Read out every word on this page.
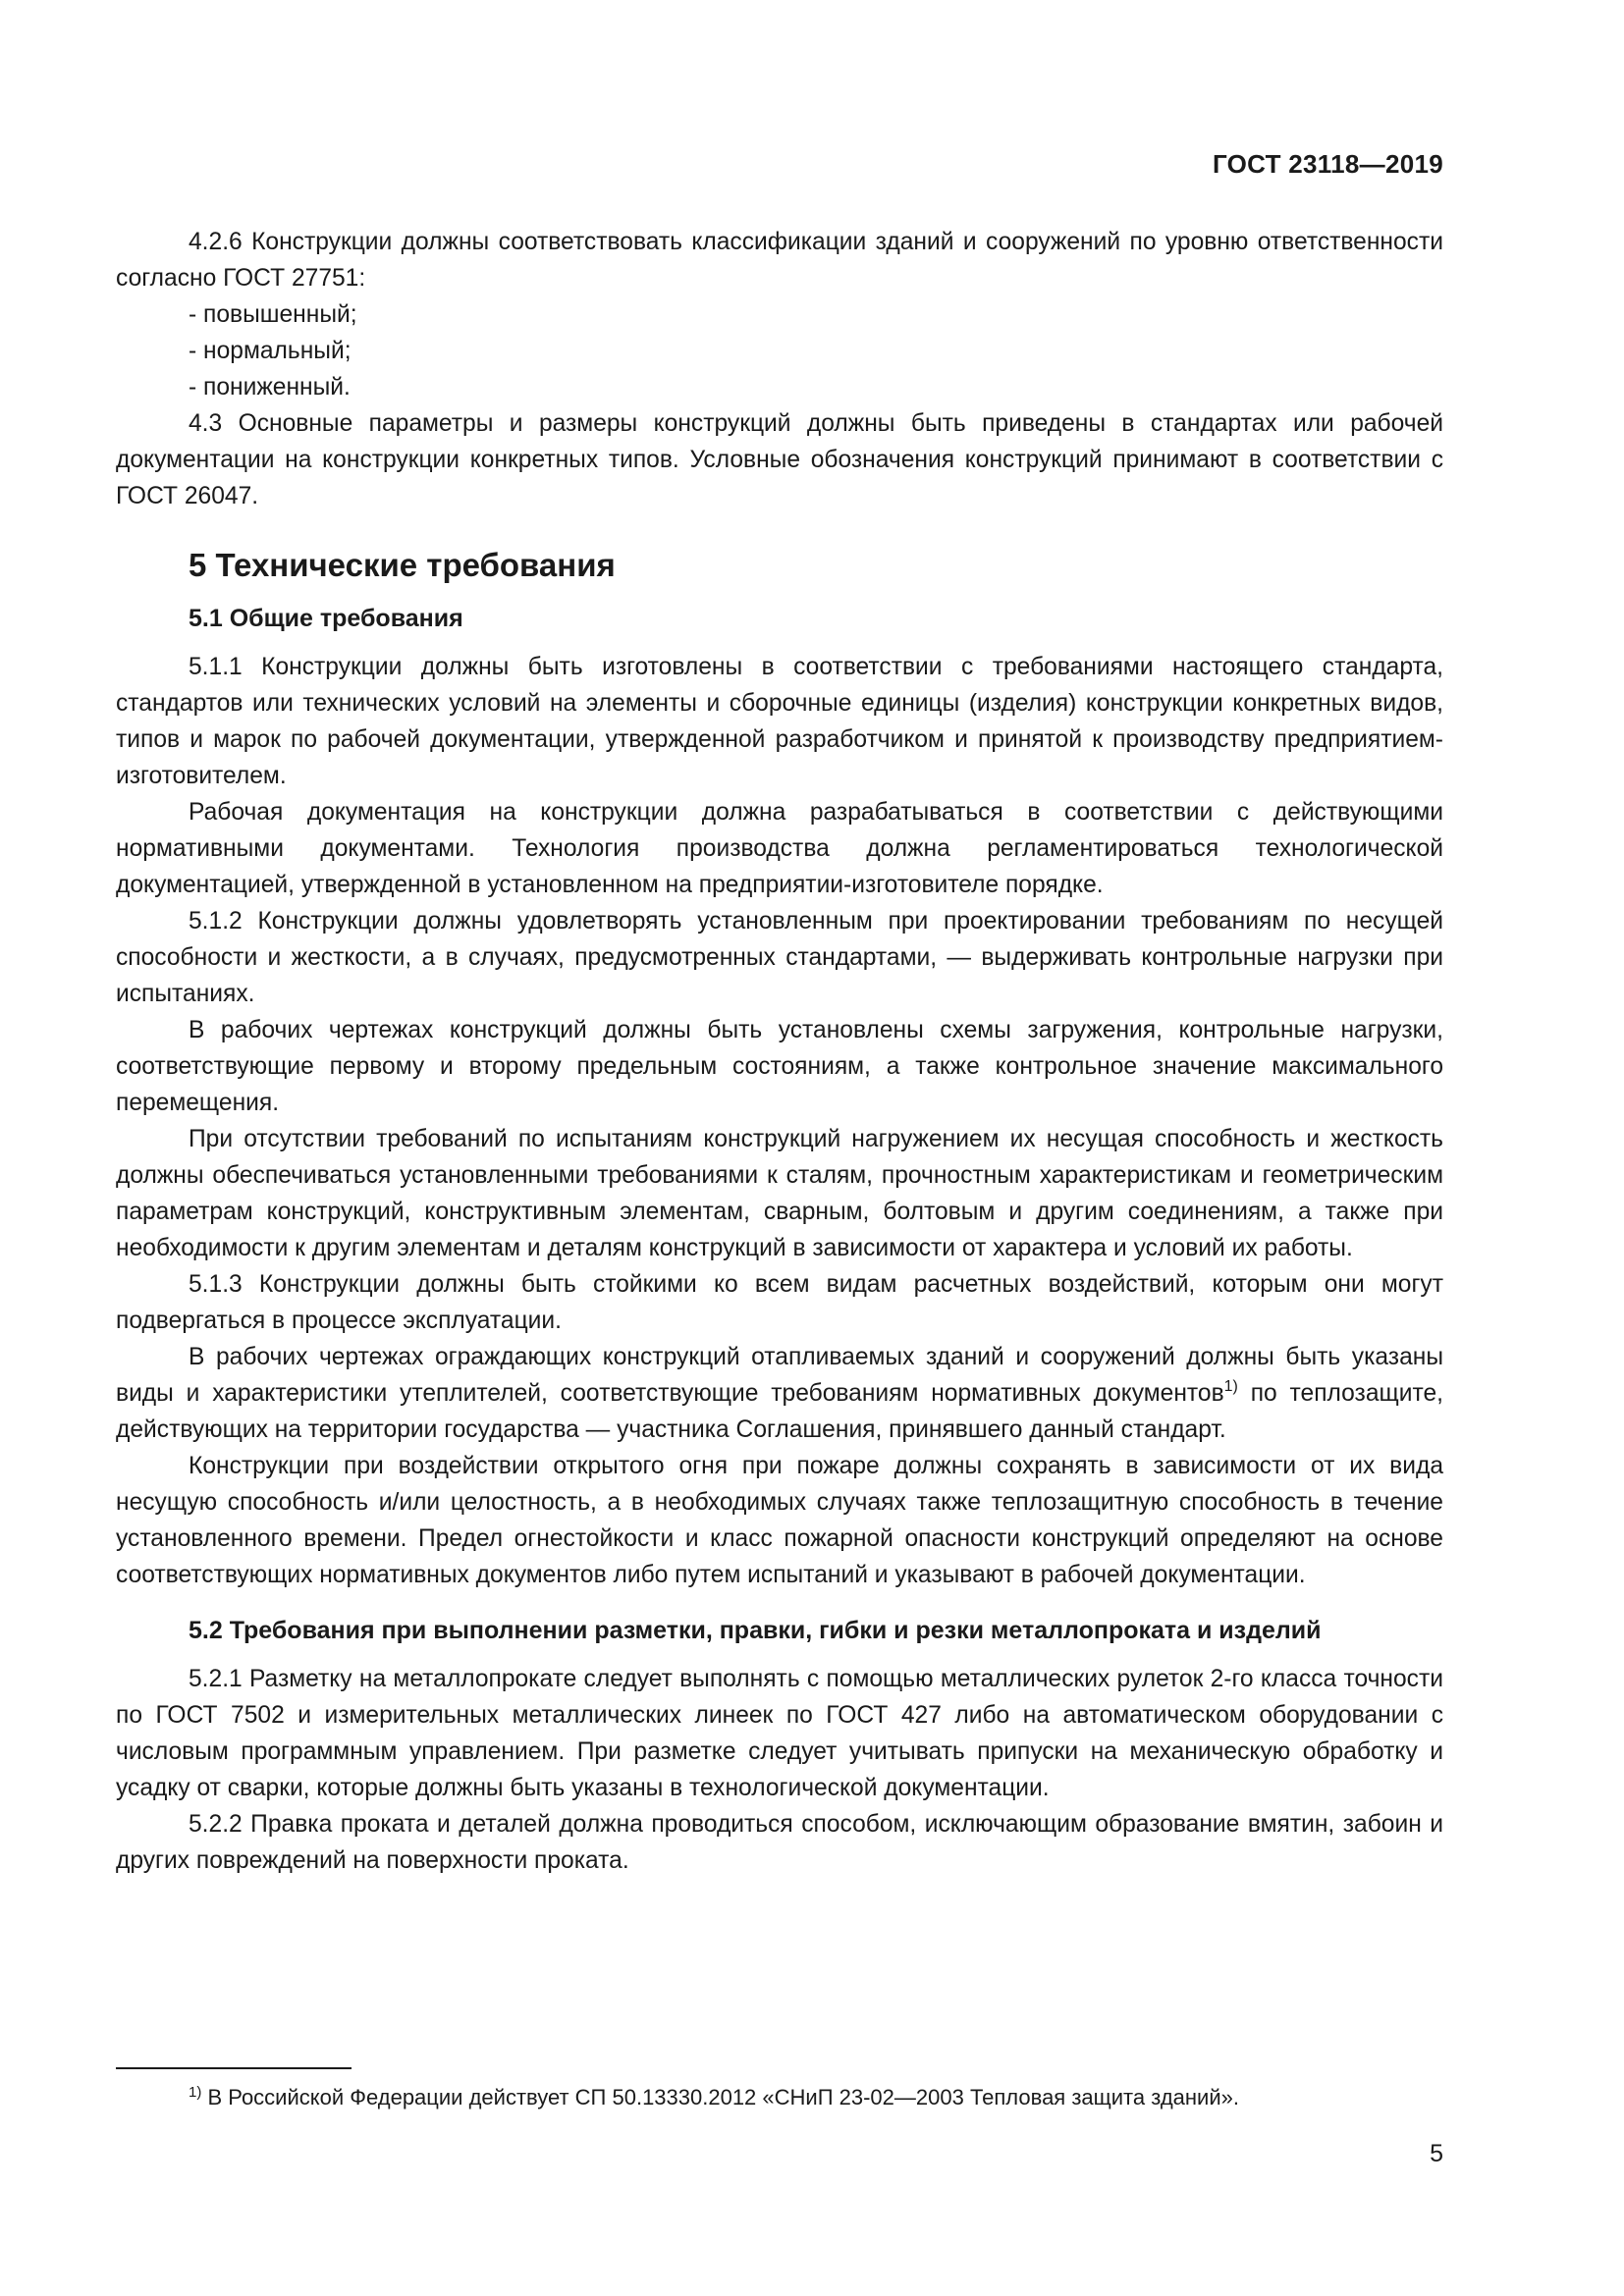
ГОСТ 23118—2019

4.2.6 Конструкции должны соответствовать классификации зданий и сооружений по уровню ответственности согласно ГОСТ 27751:

- повышенный;
- нормальный;
- пониженный.

4.3 Основные параметры и размеры конструкций должны быть приведены в стандартах или рабочей документации на конструкции конкретных типов. Условные обозначения конструкций принимают в соответствии с ГОСТ 26047.

5 Технические требования
5.1 Общие требования

5.1.1 Конструкции должны быть изготовлены в соответствии с требованиями настоящего стандарта, стандартов или технических условий на элементы и сборочные единицы (изделия) конструкции конкретных видов, типов и марок по рабочей документации, утвержденной разработчиком и принятой к производству предприятием-изготовителем.

Рабочая документация на конструкции должна разрабатываться в соответствии с действующими нормативными документами. Технология производства должна регламентироваться технологической документацией, утвержденной в установленном на предприятии-изготовителе порядке.

5.1.2 Конструкции должны удовлетворять установленным при проектировании требованиям по несущей способности и жесткости, а в случаях, предусмотренных стандартами, — выдерживать контрольные нагрузки при испытаниях.

В рабочих чертежах конструкций должны быть установлены схемы загружения, контрольные нагрузки, соответствующие первому и второму предельным состояниям, а также контрольное значение максимального перемещения.

При отсутствии требований по испытаниям конструкций нагружением их несущая способность и жесткость должны обеспечиваться установленными требованиями к сталям, прочностным характеристикам и геометрическим параметрам конструкций, конструктивным элементам, сварным, болтовым и другим соединениям, а также при необходимости к другим элементам и деталям конструкций в зависимости от характера и условий их работы.

5.1.3 Конструкции должны быть стойкими ко всем видам расчетных воздействий, которым они могут подвергаться в процессе эксплуатации.

В рабочих чертежах ограждающих конструкций отапливаемых зданий и сооружений должны быть указаны виды и характеристики утеплителей, соответствующие требованиям нормативных документов$^{1)}$ по теплозащите, действующих на территории государства — участника Соглашения, принявшего данный стандарт.

Конструкции при воздействии открытого огня при пожаре должны сохранять в зависимости от их вида несущую способность и/или целостность, а в необходимых случаях также теплозащитную способность в течение установленного времени. Предел огнестойкости и класс пожарной опасности конструкций определяют на основе соответствующих нормативных документов либо путем испытаний и указывают в рабочей документации.

5.2 Требования при выполнении разметки, правки, гибки и резки металлопроката и изделий

5.2.1 Разметку на металлопрокате следует выполнять с помощью металлических рулеток 2-го класса точности по ГОСТ 7502 и измерительных металлических линеек по ГОСТ 427 либо на автоматическом оборудовании с числовым программным управлением. При разметке следует учитывать припуски на механическую обработку и усадку от сварки, которые должны быть указаны в технологической документации.

5.2.2 Правка проката и деталей должна проводиться способом, исключающим образование вмятин, забоин и других повреждений на поверхности проката.

$^{1)}$ В Российской Федерации действует СП 50.13330.2012 «СНиП 23-02—2003 Тепловая защита зданий».
5
